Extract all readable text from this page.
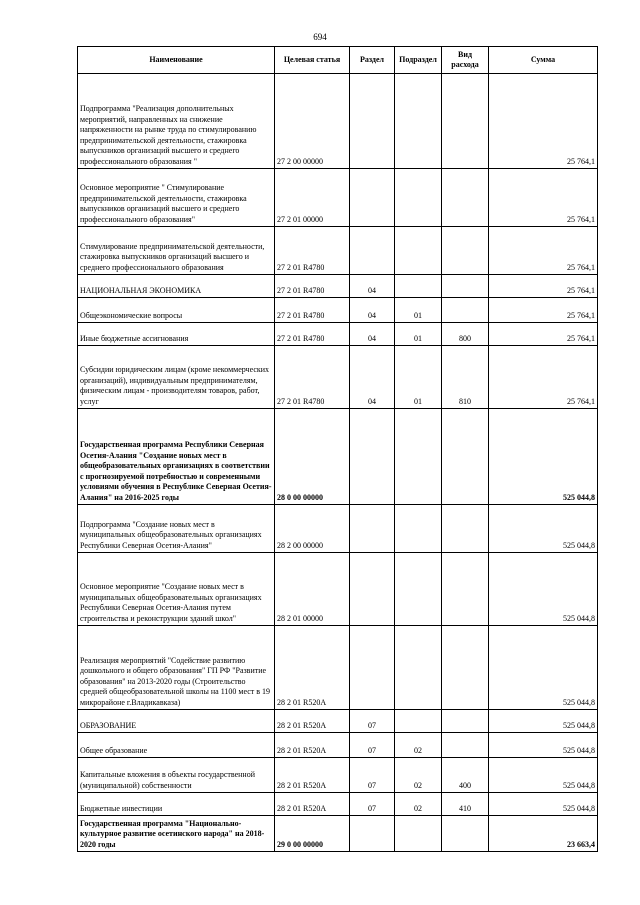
694
Наименование	Целевая статья	Раздел	Подраздел	Вид расхода	Сумма
Подпрограмма "Реализация дополнительных мероприятий, направленных на снижение напряженности на рынке труда по стимулированию предпринимательской деятельности, стажировка выпускников организаций высшего и среднего профессионального образования "	27 2 00 00000				25 764,1
Основное мероприятие " Стимулирование предпринимательской деятельности, стажировка выпускников организаций высшего и среднего профессионального образования"	27 2 01 00000				25 764,1
Стимулирование предпринимательской деятельности, стажировка выпускников организаций высшего и среднего профессионального образования	27 2 01 R4780				25 764,1
НАЦИОНАЛЬНАЯ ЭКОНОМИКА	27 2 01 R4780	04			25 764,1
Общеэкономические вопросы	27 2 01 R4780	04	01		25 764,1
Иные бюджетные ассигнования	27 2 01 R4780	04	01	800	25 764,1
Субсидии юридическим лицам (кроме некоммерческих организаций), индивидуальным предпринимателям, физическим лицам - производителям товаров, работ, услуг	27 2 01 R4780	04	01	810	25 764,1
Государственная программа Республики Северная Осетия-Алания "Создание новых мест в общеобразовательных организациях в соответствии с прогнозируемой потребностью и современными условиями обучения в Республике Северная Осетия-Алания" на 2016-2025 годы	28 0 00 00000				525 044,8
Подпрограмма "Создание новых мест в муниципальных общеобразовательных организациях Республики Северная Осетия-Алания"	28 2 00 00000				525 044,8
Основное мероприятие "Создание новых мест в муниципальных общеобразовательных организациях Республики Северная Осетия-Алания путем строительства и реконструкции зданий школ"	28 2 01 00000				525 044,8
Реализация мероприятий "Содействие развитию дошкольного и общего образования" ГП РФ "Развитие образования" на 2013-2020 годы (Строительство средней общеобразовательной школы на 1100 мест в 19 микрорайоне г.Владикавказа)	28 2 01 R520A				525 044,8
ОБРАЗОВАНИЕ	28 2 01 R520A	07			525 044,8
Общее образование	28 2 01 R520A	07	02		525 044,8
Капитальные вложения в объекты государственной (муниципальной) собственности	28 2 01 R520A	07	02	400	525 044,8
Бюджетные инвестиции	28 2 01 R520A	07	02	410	525 044,8
Государственная программа "Национально-культурное развитие осетинского народа" на 2018-2020 годы	29 0 00 00000				23 663,4
